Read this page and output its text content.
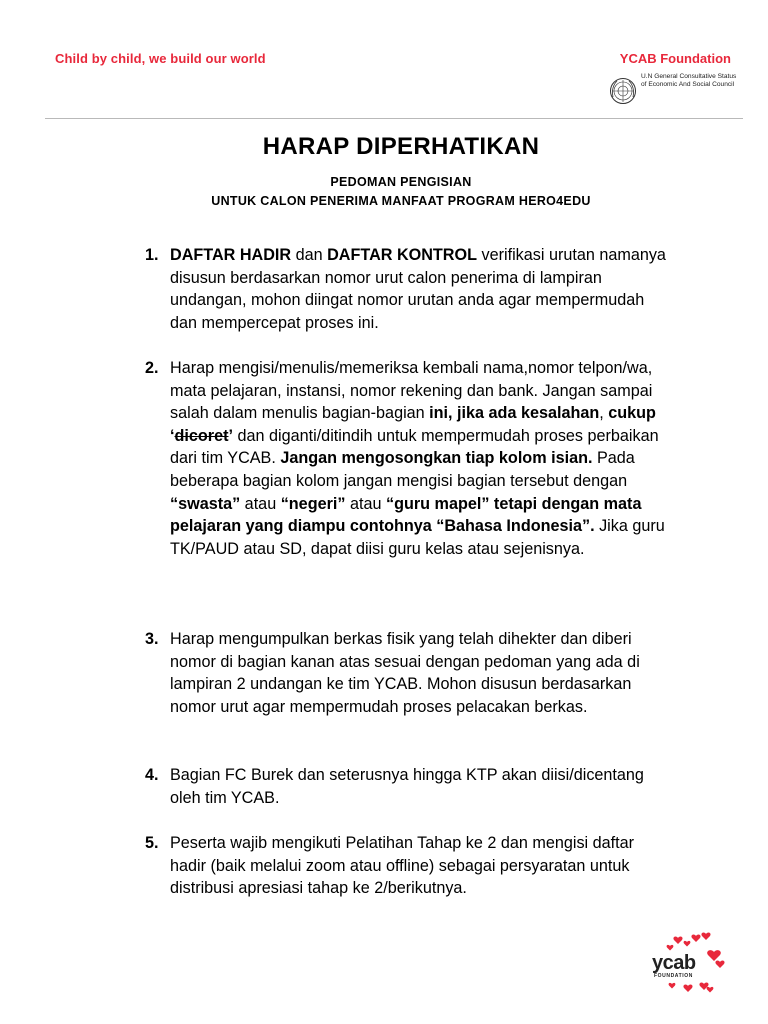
Child by child, we build our world	YCAB Foundation
U.N General Consultative Status of Economic And Social Council
HARAP DIPERHATIKAN
PEDOMAN PENGISIAN
UNTUK CALON PENERIMA MANFAAT PROGRAM HERO4EDU
1. DAFTAR HADIR dan DAFTAR KONTROL verifikasi urutan namanya disusun berdasarkan nomor urut calon penerima di lampiran undangan, mohon diingat nomor urutan anda agar mempermudah dan mempercepat proses ini.
2. Harap mengisi/menulis/memeriksa kembali nama,nomor telpon/wa, mata pelajaran, instansi, nomor rekening dan bank. Jangan sampai salah dalam menulis bagian-bagian ini, jika ada kesalahan, cukup ‘dicoret’ dan diganti/ditindih untuk mempermudah proses perbaikan dari tim YCAB. Jangan mengosongkan tiap kolom isian. Pada beberapa bagian kolom jangan mengisi bagian tersebut dengan “swasta” atau “negeri” atau “guru mapel” tetapi dengan mata pelajaran yang diampu contohnya “Bahasa Indonesia”. Jika guru TK/PAUD atau SD, dapat diisi guru kelas atau sejenisnya.
3. Harap mengumpulkan berkas fisik yang telah dihekter dan diberi nomor di bagian kanan atas sesuai dengan pedoman yang ada di lampiran 2 undangan ke tim YCAB. Mohon disusun berdasarkan nomor urut agar mempermudah proses pelacakan berkas.
4. Bagian FC Burek dan seterusnya hingga KTP akan diisi/dicentang oleh tim YCAB.
5. Peserta wajib mengikuti Pelatihan Tahap ke 2 dan mengisi daftar hadir (baik melalui zoom atau offline) sebagai persyaratan untuk distribusi apresiasi tahap ke 2/berikutnya.
ycab
FOUNDATION
